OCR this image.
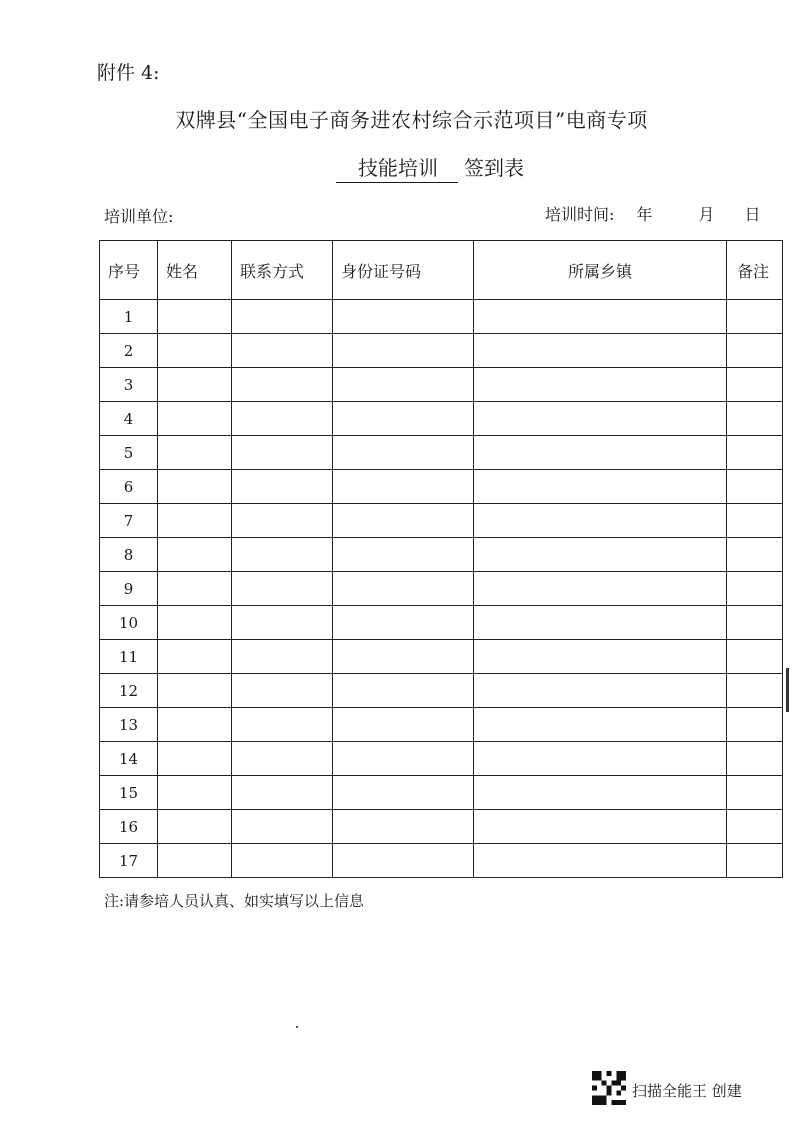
附件 4:
双牌县“全国电子商务进农村综合示范项目”电商专项
技能培训 签到表
培训单位:	培训时间: 年	月 日
序号	姓名	联系方式	身份证号码	所属乡镇	备注
1					
2					
3					
4					
5					
6					
7					
8					
9					
10					
11					
12					
13					
14					
15					
16					
17					
注:请参培人员认真、如实填写以上信息
扫描全能王 创建
